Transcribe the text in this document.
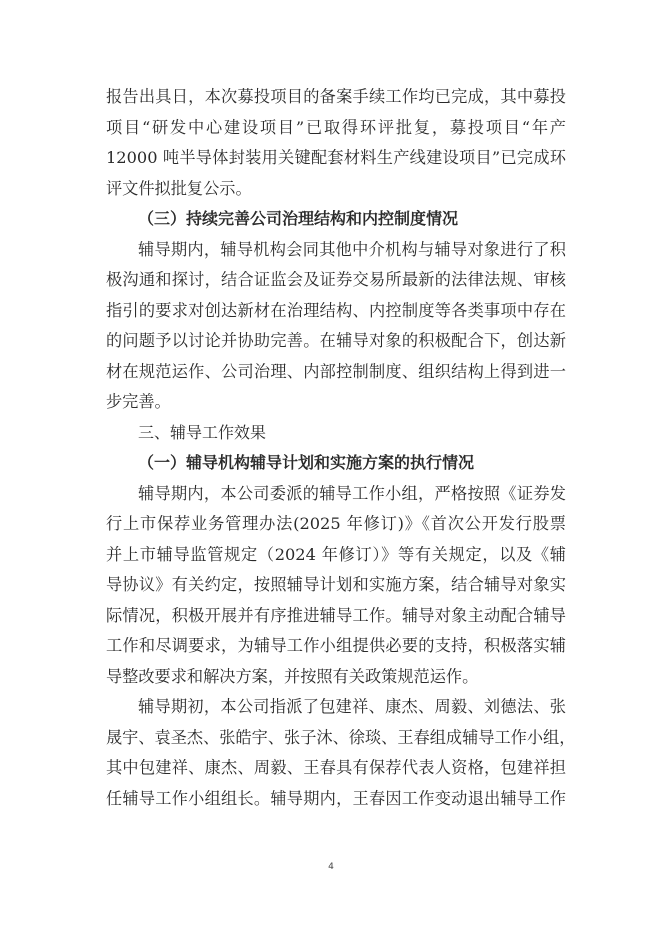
报告出具日，本次募投项目的备案手续工作均已完成，其中募投
项目“研发中心建设项目”已取得环评批复，募投项目“年产
12000 吨半导体封装用关键配套材料生产线建设项目”已完成环
评文件拟批复公示。
（三）持续完善公司治理结构和内控制度情况
辅导期内，辅导机构会同其他中介机构与辅导对象进行了积
极沟通和探讨，结合证监会及证券交易所最新的法律法规、审核
指引的要求对创达新材在治理结构、内控制度等各类事项中存在
的问题予以讨论并协助完善。在辅导对象的积极配合下，创达新
材在规范运作、公司治理、内部控制制度、组织结构上得到进一
步完善。
三、辅导工作效果
（一）辅导机构辅导计划和实施方案的执行情况
辅导期内，本公司委派的辅导工作小组，严格按照《证券发
行上市保荐业务管理办法(2025 年修订)》《首次公开发行股票
并上市辅导监管规定（2024 年修订）》等有关规定，以及《辅
导协议》有关约定，按照辅导计划和实施方案，结合辅导对象实
际情况，积极开展并有序推进辅导工作。辅导对象主动配合辅导
工作和尽调要求，为辅导工作小组提供必要的支持，积极落实辅
导整改要求和解决方案，并按照有关政策规范运作。
辅导期初，本公司指派了包建祥、康杰、周毅、刘德法、张
晟宇、袁圣杰、张皓宇、张子沐、徐琰、王春组成辅导工作小组，
其中包建祥、康杰、周毅、王春具有保荐代表人资格，包建祥担
任辅导工作小组组长。辅导期内，王春因工作变动退出辅导工作
4
